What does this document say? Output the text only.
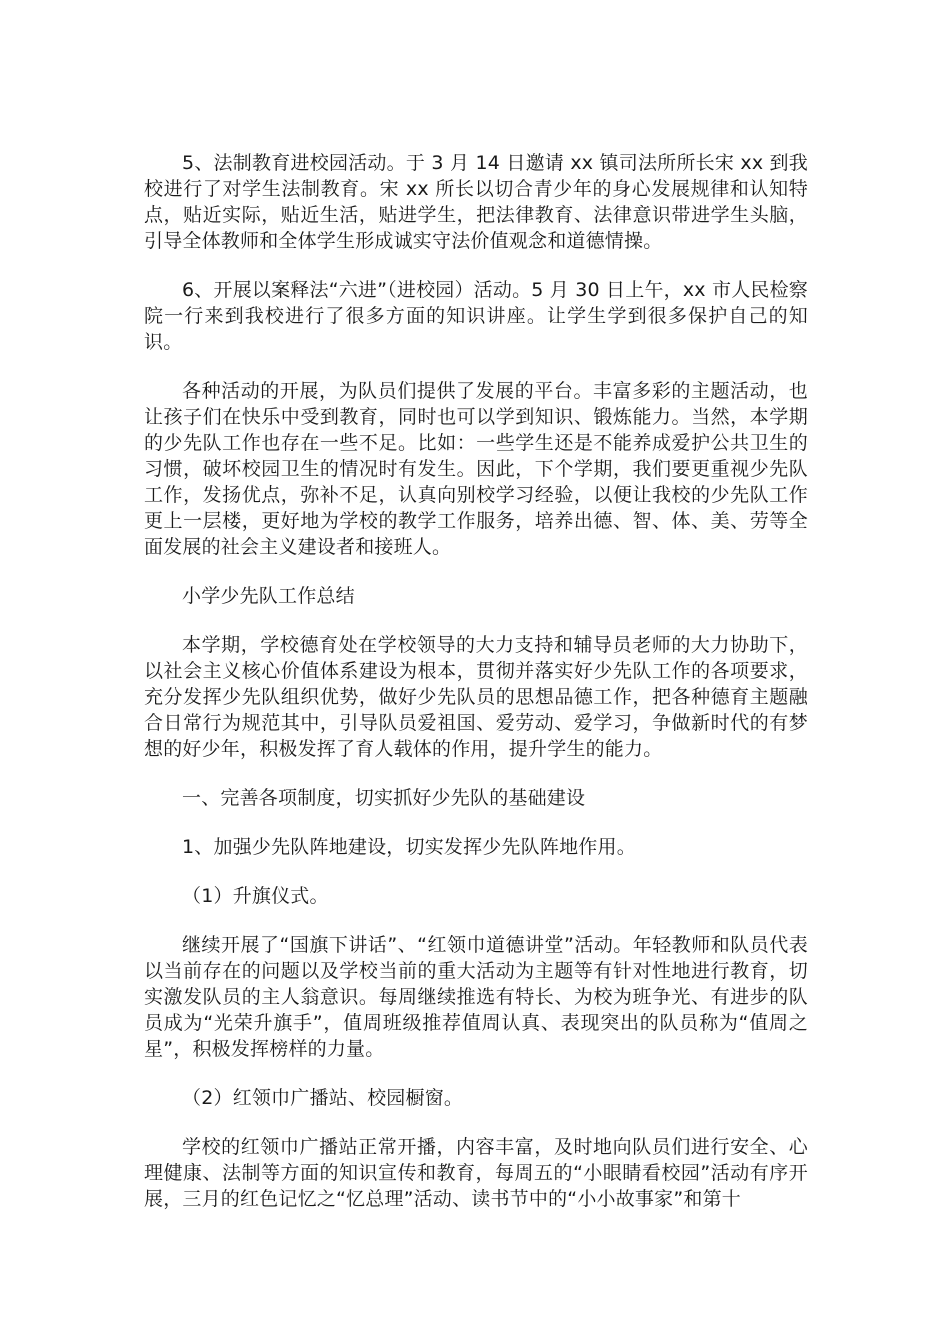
5、法制教育进校园活动。于 3 月 14 日邀请 xx 镇司法所所长宋 xx 到我校进行了对学生法制教育。宋 xx 所长以切合青少年的身心发展规律和认知特点，贴近实际，贴近生活，贴进学生，把法律教育、法律意识带进学生头脑，引导全体教师和全体学生形成诚实守法价值观念和道德情操。

6、开展以案释法“六进”（进校园）活动。5 月 30 日上午，xx 市人民检察院一行来到我校进行了很多方面的知识讲座。让学生学到很多保护自己的知识。

各种活动的开展，为队员们提供了发展的平台。丰富多彩的主题活动，也让孩子们在快乐中受到教育，同时也可以学到知识、锻炼能力。当然，本学期的少先队工作也存在一些不足。比如：一些学生还是不能养成爱护公共卫生的习惯，破坏校园卫生的情况时有发生。因此，下个学期，我们要更重视少先队工作，发扬优点，弥补不足，认真向别校学习经验，以便让我校的少先队工作更上一层楼，更好地为学校的教学工作服务，培养出德、智、体、美、劳等全面发展的社会主义建设者和接班人。

小学少先队工作总结

本学期，学校德育处在学校领导的大力支持和辅导员老师的大力协助下，以社会主义核心价值体系建设为根本，贯彻并落实好少先队工作的各项要求，充分发挥少先队组织优势，做好少先队员的思想品德工作，把各种德育主题融合日常行为规范其中，引导队员爱祖国、爱劳动、爱学习，争做新时代的有梦想的好少年，积极发挥了育人载体的作用，提升学生的能力。

一、完善各项制度，切实抓好少先队的基础建设

1、加强少先队阵地建设，切实发挥少先队阵地作用。

（1）升旗仪式。

继续开展了“国旗下讲话”、“红领巾道德讲堂”活动。年轻教师和队员代表以当前存在的问题以及学校当前的重大活动为主题等有针对性地进行教育，切实激发队员的主人翁意识。每周继续推选有特长、为校为班争光、有进步的队员成为“光荣升旗手”，值周班级推荐值周认真、表现突出的队员称为“值周之星”，积极发挥榜样的力量。

（2）红领巾广播站、校园橱窗。

学校的红领巾广播站正常开播，内容丰富，及时地向队员们进行安全、心理健康、法制等方面的知识宣传和教育，每周五的“小眼睛看校园”活动有序开展，三月的红色记忆之“忆总理”活动、读书节中的“小小故事家”和第十
